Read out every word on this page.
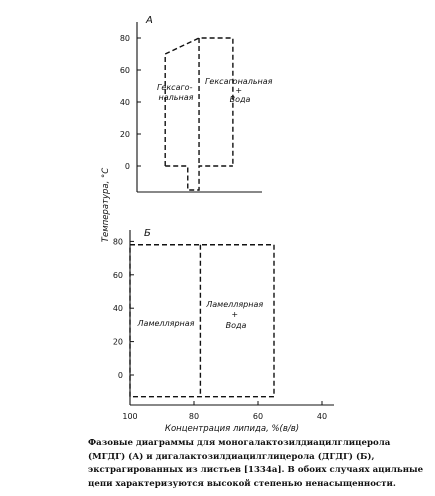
А
0
20
40
60
80
Гексаго- нальная
Гексагональная + Вода
Температура, °С	Б
0
20
40
60
80
100	80	60	40
Ламеллярная
Ламеллярная + Вода
Концентрация липида, %(в/в)
Фазовые диаграммы для моногалактозилдиацилглицерола (МГДГ) (А) и дигалактозилдиацилглицерола (ДГДГ) (Б), экстрагированных из листьев [1334а]. В обоих случаях ацильные цепи характеризуются высокой степенью ненасыщенности.
